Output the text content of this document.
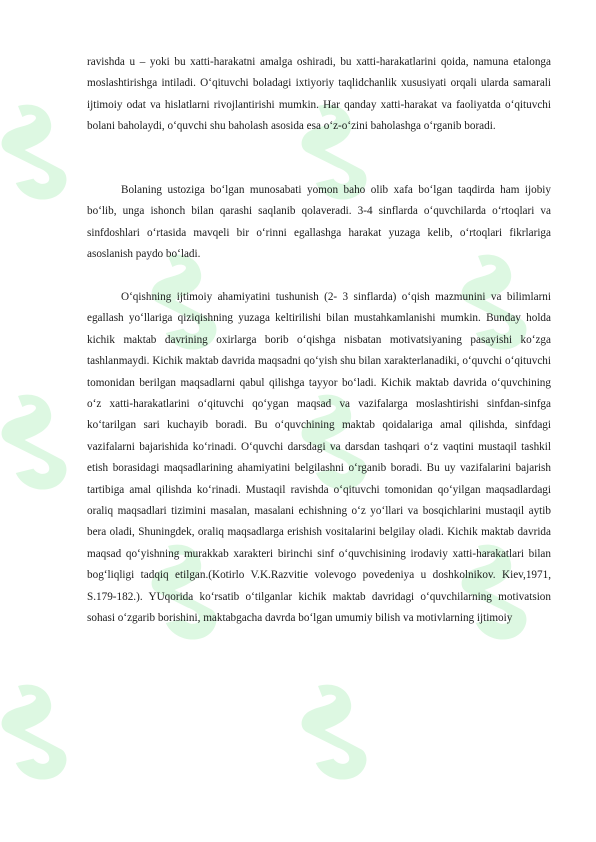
ravishda u – yoki bu xatti-harakatni amalga oshiradi, bu xatti-harakatlarini qoida, namuna etalonga moslashtirishga intiladi. O‘qituvchi boladagi ixtiyoriy taqlidchanlik xususiyati orqali ularda samarali ijtimoiy odat va hislatlarni rivojlantirishi mumkin. Har qanday xatti-harakat va faoliyatda o‘qituvchi bolani baholaydi, o‘quvchi shu baholash asosida esa o‘z-o‘zini baholashga o‘rganib boradi.

Bolaning ustoziga bo‘lgan munosabati yomon baho olib xafa bo‘lgan taqdirda ham ijobiy bo‘lib, unga ishonch bilan qarashi saqlanib qolaveradi. 3-4 sinflarda o‘quvchilarda o‘rtoqlari va sinfdoshlari o‘rtasida mavqeli bir o‘rinni egallashga harakat yuzaga kelib, o‘rtoqlari fikrlariga asoslanish paydo bo‘ladi.

O‘qishning ijtimoiy ahamiyatini tushunish (2- 3 sinflarda) o‘qish mazmunini va bilimlarni egallash yo‘llariga qiziqishning yuzaga keltirilishi bilan mustahkamlanishi mumkin. Bunday holda kichik maktab davrining oxirlarga borib o‘qishga nisbatan motivatsiyaning pasayishi ko‘zga tashlanmaydi. Kichik maktab davrida maqsadni qo‘yish shu bilan xarakterlanadiki, o‘quvchi o‘qituvchi tomonidan berilgan maqsadlarni qabul qilishga tayyor bo‘ladi. Kichik maktab davrida o‘quvchining o‘z xatti-harakatlarini o‘qituvchi qo‘ygan maqsad va vazifalarga moslashtirishi sinfdan-sinfga ko‘tarilgan sari kuchayib boradi. Bu o‘quvchining maktab qoidalariga amal qilishda, sinfdagi vazifalarni bajarishida ko‘rinadi. O‘quvchi darsdagi va darsdan tashqari o‘z vaqtini mustaqil tashkil etish borasidagi maqsadlarining ahamiyatini belgilashni o‘rganib boradi. Bu uy vazifalarini bajarish tartibiga amal qilishda ko‘rinadi. Mustaqil ravishda o‘qituvchi tomonidan qo‘yilgan maqsadlardagi oraliq maqsadlari tizimini masalan, masalani echishning o‘z yo‘llari va bosqichlarini mustaqil aytib bera oladi, Shuningdek, oraliq maqsadlarga erishish vositalarini belgilay oladi. Kichik maktab davrida maqsad qo‘yishning murakkab xarakteri birinchi sinf o‘quvchisining irodaviy xatti-harakatlari bilan bog‘liqligi tadqiq etilgan.(Kotirlo V.K.Razvitie volevogo povedeniya u doshkolnikov. Kiev,1971, S.179-182.). YUqorida ko‘rsatib o‘tilganlar kichik maktab davridagi o‘quvchilarning motivatsion sohasi o‘zgarib borishini, maktabgacha davrda bo‘lgan umumiy bilish va motivlarning ijtimoiy
